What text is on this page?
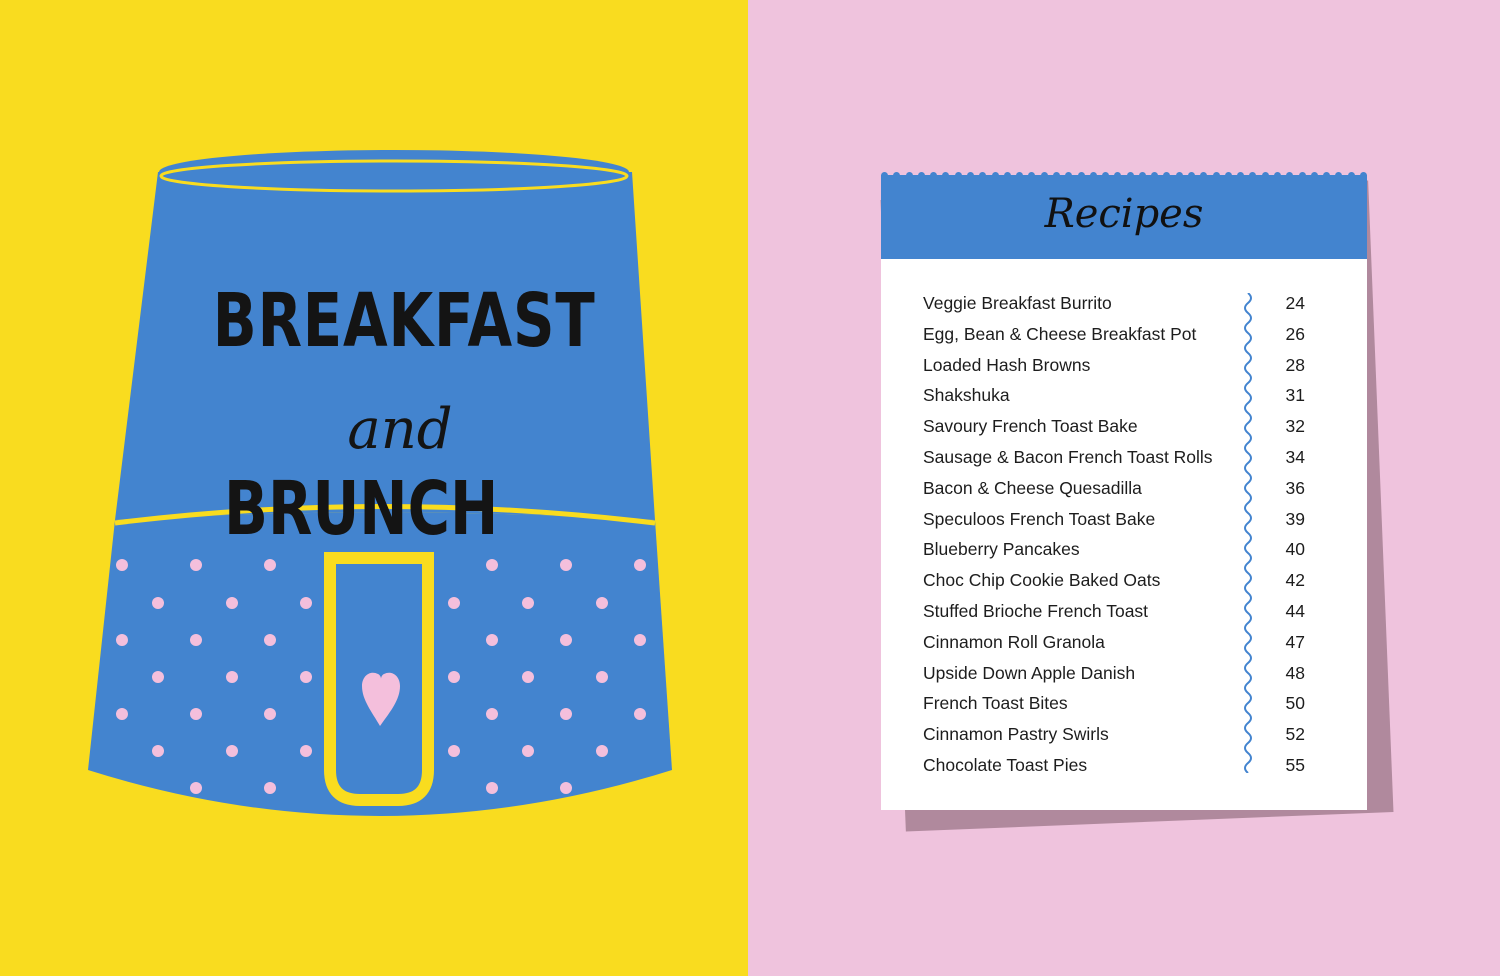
BREAKFAST
and BRUNCH
Recipes
Veggie Breakfast Burrito	24
Egg, Bean & Cheese Breakfast Pot	26
Loaded Hash Browns	28
Shakshuka	31
Savoury French Toast Bake	32
Sausage & Bacon French Toast Rolls	34
Bacon & Cheese Quesadilla	36
Speculoos French Toast Bake	39
Blueberry Pancakes	40
Choc Chip Cookie Baked Oats	42
Stuffed Brioche French Toast	44
Cinnamon Roll Granola	47
Upside Down Apple Danish	48
French Toast Bites	50
Cinnamon Pastry Swirls	52
Chocolate Toast Pies	55
